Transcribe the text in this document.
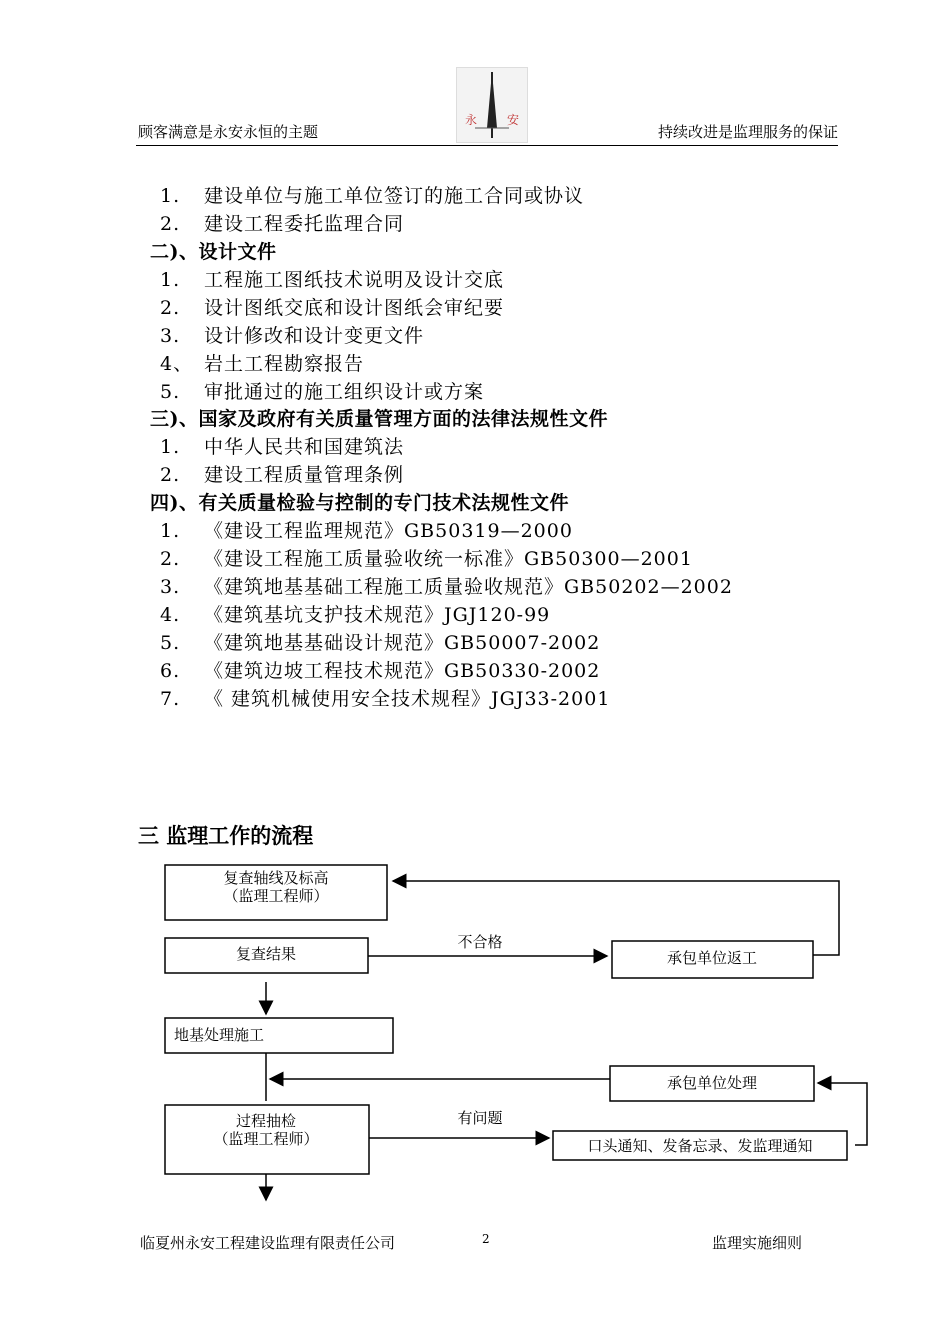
永 安
顾客满意是永安永恒的主题	持续改进是监理服务的保证
1. 建设单位与施工单位签订的施工合同或协议
2. 建设工程委托监理合同
二)、设计文件
1. 工程施工图纸技术说明及设计交底
2. 设计图纸交底和设计图纸会审纪要
3. 设计修改和设计变更文件
4、 岩土工程勘察报告
5. 审批通过的施工组织设计或方案
三)、国家及政府有关质量管理方面的法律法规性文件
1. 中华人民共和国建筑法
2. 建设工程质量管理条例
四)、有关质量检验与控制的专门技术法规性文件
1. 《建设工程监理规范》GB50319—2000
2. 《建设工程施工质量验收统一标准》GB50300—2001
3. 《建筑地基基础工程施工质量验收规范》GB50202—2002
4. 《建筑基坑支护技术规范》JGJ120-99
5. 《建筑地基基础设计规范》GB50007-2002
6. 《建筑边坡工程技术规范》GB50330-2002
7. 《 建筑机械使用安全技术规程》JGJ33-2001
三 监理工作的流程
复查轴线及标高
（监理工程师）
复查结果	承包单位返工
不合格
地基处理施工
承包单位处理
过程抽检
（监理工程师）
有问题
口头通知、发备忘录、发监理通知
临夏州永安工程建设监理有限责任公司	2	监理实施细则
